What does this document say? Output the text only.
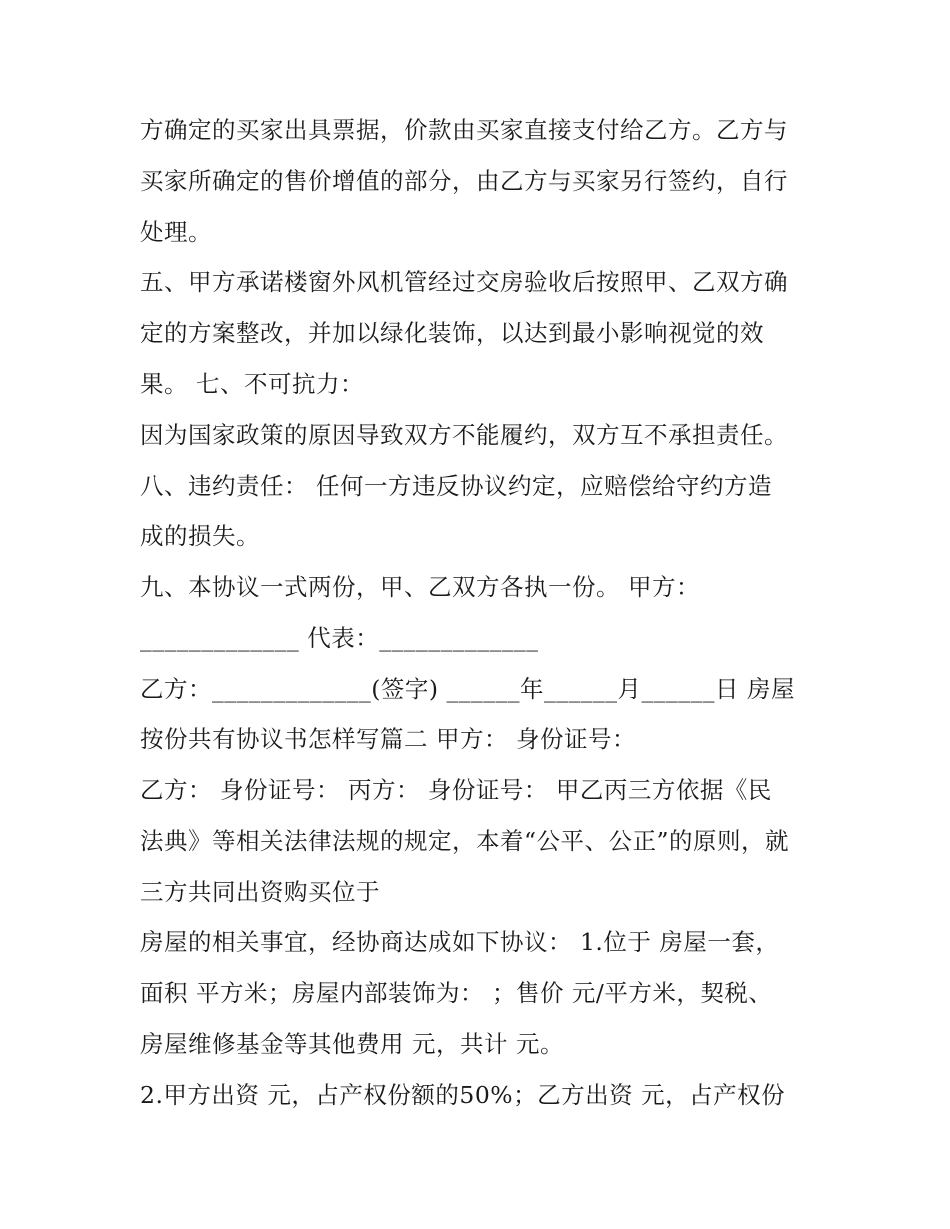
方确定的买家出具票据，价款由买家直接支付给乙方。乙方与
买家所确定的售价增值的部分，由乙方与买家另行签约，自行
处理。
五、甲方承诺楼窗外风机管经过交房验收后按照甲、乙双方确
定的方案整改，并加以绿化装饰，以达到最小影响视觉的效
果。 七、不可抗力：
因为国家政策的原因导致双方不能履约，双方互不承担责任。
八、违约责任： 任何一方违反协议约定，应赔偿给守约方造
成的损失。
九、本协议一式两份，甲、乙双方各执一份。 甲方：
_____________ 代表：_____________
乙方：_____________(签字) ______年______月______日 房屋
按份共有协议书怎样写篇二 甲方： 身份证号：
乙方： 身份证号： 丙方： 身份证号： 甲乙丙三方依据《民
法典》等相关法律法规的规定，本着“公平、公正”的原则，就
三方共同出资购买位于
房屋的相关事宜，经协商达成如下协议： 1.位于 房屋一套，
面积 平方米；房屋内部装饰为： ；售价 元/平方米，契税、
房屋维修基金等其他费用 元，共计 元。
2.甲方出资 元，占产权份额的50%；乙方出资 元，占产权份
